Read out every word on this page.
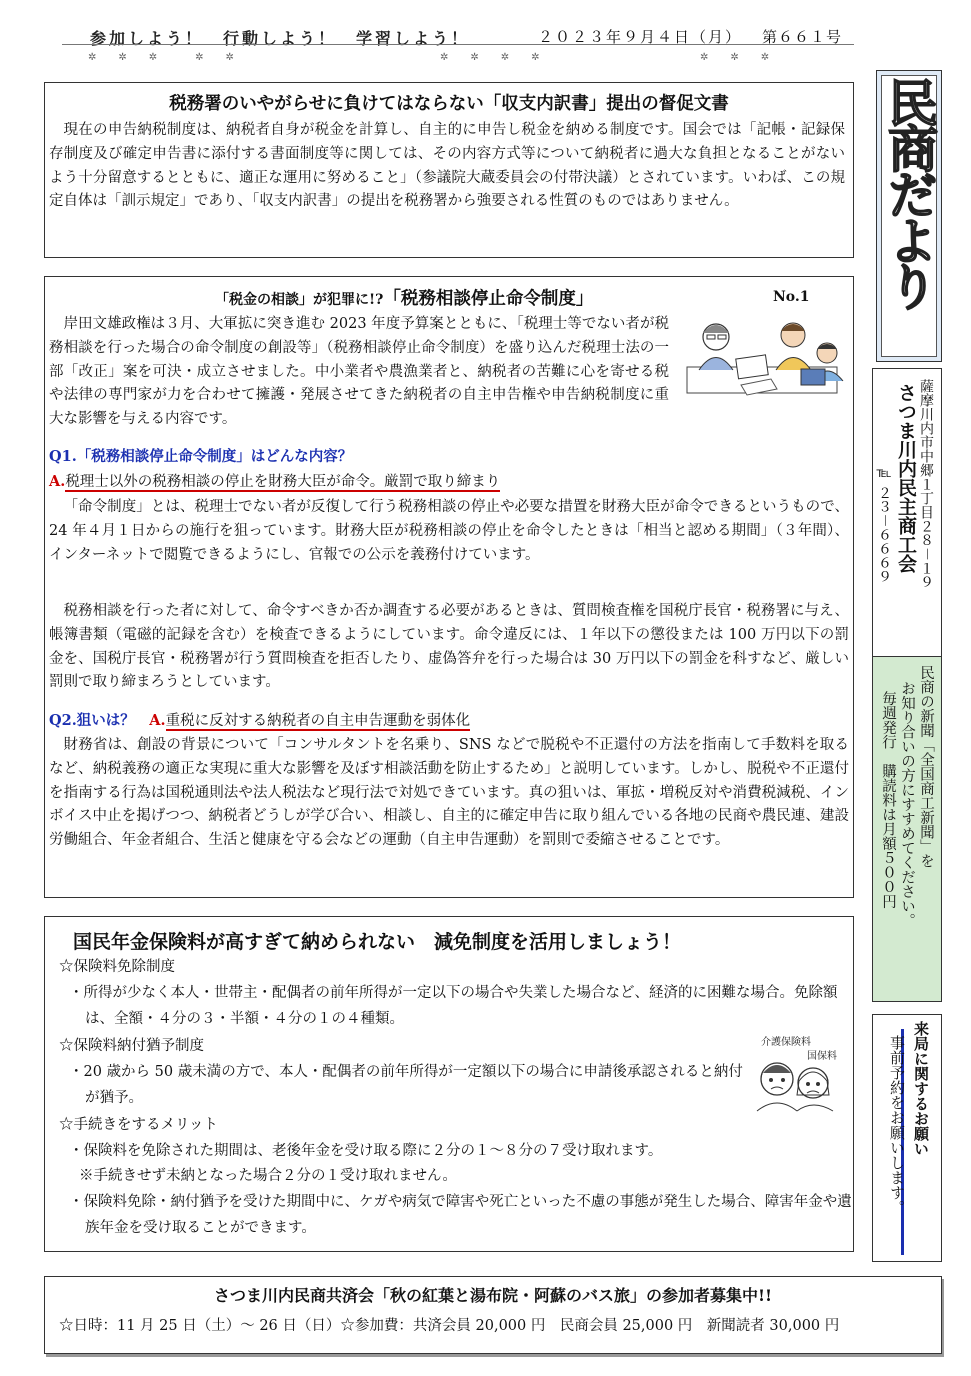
参加しよう！　行動しよう！　学習しよう！	２０２３年９月４日（月） 第６６１号
✲　✲　✲　　✲　✲	✲　✲　✲　✲	✲　✲　✲
税務署のいやがらせに負けてはならない「収支内訳書」提出の督促文書

現在の申告納税制度は、納税者自身が税金を計算し、自主的に申告し税金を納める制度です。国会では「記帳・記録保存制度及び確定申告書に添付する書面制度等に関しては、その内容方式等について納税者に過大な負担となることがないよう十分留意するとともに、適正な運用に努めること」（参議院大蔵委員会の付帯決議）とされています。いわば、この規定自体は「訓示規定」であり、「収支内訳書」の提出を税務署から強要される性質のものではありません。

「税金の相談」が犯罪に!?「税務相談停止命令制度」	No.1

岸田文雄政権は３月、大軍拡に突き進む 2023 年度予算案とともに、「税理士等でない者が税務相談を行った場合の命令制度の創設等」（税務相談停止命令制度）を盛り込んだ税理士法の一部「改正」案を可決・成立させました。中小業者や農漁業者と、納税者の苦難に心を寄せる税や法律の専門家が力を合わせて擁護・発展させてきた納税者の自主申告権や申告納税制度に重大な影響を与える内容です。

Q1.「税務相談停止命令制度」はどんな内容？
A.税理士以外の税務相談の停止を財務大臣が命令。厳罰で取り締まり

「命令制度」とは、税理士でない者が反復して行う税務相談の停止や必要な措置を財務大臣が命令できるというもので、24 年４月１日からの施行を狙っています。財務大臣が税務相談の停止を命令したときは「相当と認める期間」（３年間）、インターネットで閲覧できるようにし、官報での公示を義務付けています。

税務相談を行った者に対して、命令すべきか否か調査する必要があるときは、質問検査権を国税庁長官・税務署に与え、帳簿書類（電磁的記録を含む）を検査できるようにしています。命令違反には、１年以下の懲役または 100 万円以下の罰金を、国税庁長官・税務署が行う質問検査を拒否したり、虚偽答弁を行った場合は 30 万円以下の罰金を科すなど、厳しい罰則で取り締まろうとしています。

Q2.狙いは？　 A.重税に反対する納税者の自主申告運動を弱体化

財務省は、創設の背景について「コンサルタントを名乗り、SNS などで脱税や不正還付の方法を指南して手数料を取るなど、納税義務の適正な実現に重大な影響を及ぼす相談活動を防止するため」と説明しています。しかし、脱税や不正還付を指南する行為は国税通則法や法人税法など現行法で対処できています。真の狙いは、軍拡・増税反対や消費税減税、インボイス中止を掲げつつ、納税者どうしが学び合い、相談し、自主的に確定申告に取り組んでいる各地の民商や農民連、建設労働組合、年金者組合、生活と健康を守る会などの運動（自主申告運動）を罰則で委縮させることです。

国民年金保険料が高すぎて納められない　減免制度を活用しましょう！
☆保険料免除制度
・所得が少なく本人・世帯主・配偶者の前年所得が一定以下の場合や失業した場合など、経済的に困難な場合。免除額は、全額・４分の３・半額・４分の１の４種類。
☆保険料納付猶予制度
・20 歳から 50 歳未満の方で、本人・配偶者の前年所得が一定額以下の場合に申請後承認されると納付が猶予。
☆手続きをするメリット
・保険料を免除された期間は、老後年金を受け取る際に２分の１～８分の７受け取れます。
※手続きせず未納となった場合２分の１受け取れません。
・保険料免除・納付猶予を受けた期間中に、ケガや病気で障害や死亡といった不慮の事態が発生した場合、障害年金や遺族年金を受け取ることができます。
介護保険料
国保料
さつま川内民商共済会「秋の紅葉と湯布院・阿蘇のバス旅」の参加者募集中!!
☆日時：11 月 25 日（土）～ 26 日（日）☆参加費：共済会員 20,000 円　民商会員 25,000 円　新聞読者 30,000 円
民商だより
薩摩川内市中郷１丁目２８－１９
さつま川内民主商工会
℡ ２３－６６６９
民商の新聞「全国商工新聞」を
お知り合いの方にすすめてください。
毎週発行　購読料は月額５００円
来局に関するお願い
事前予約をお願いします。
